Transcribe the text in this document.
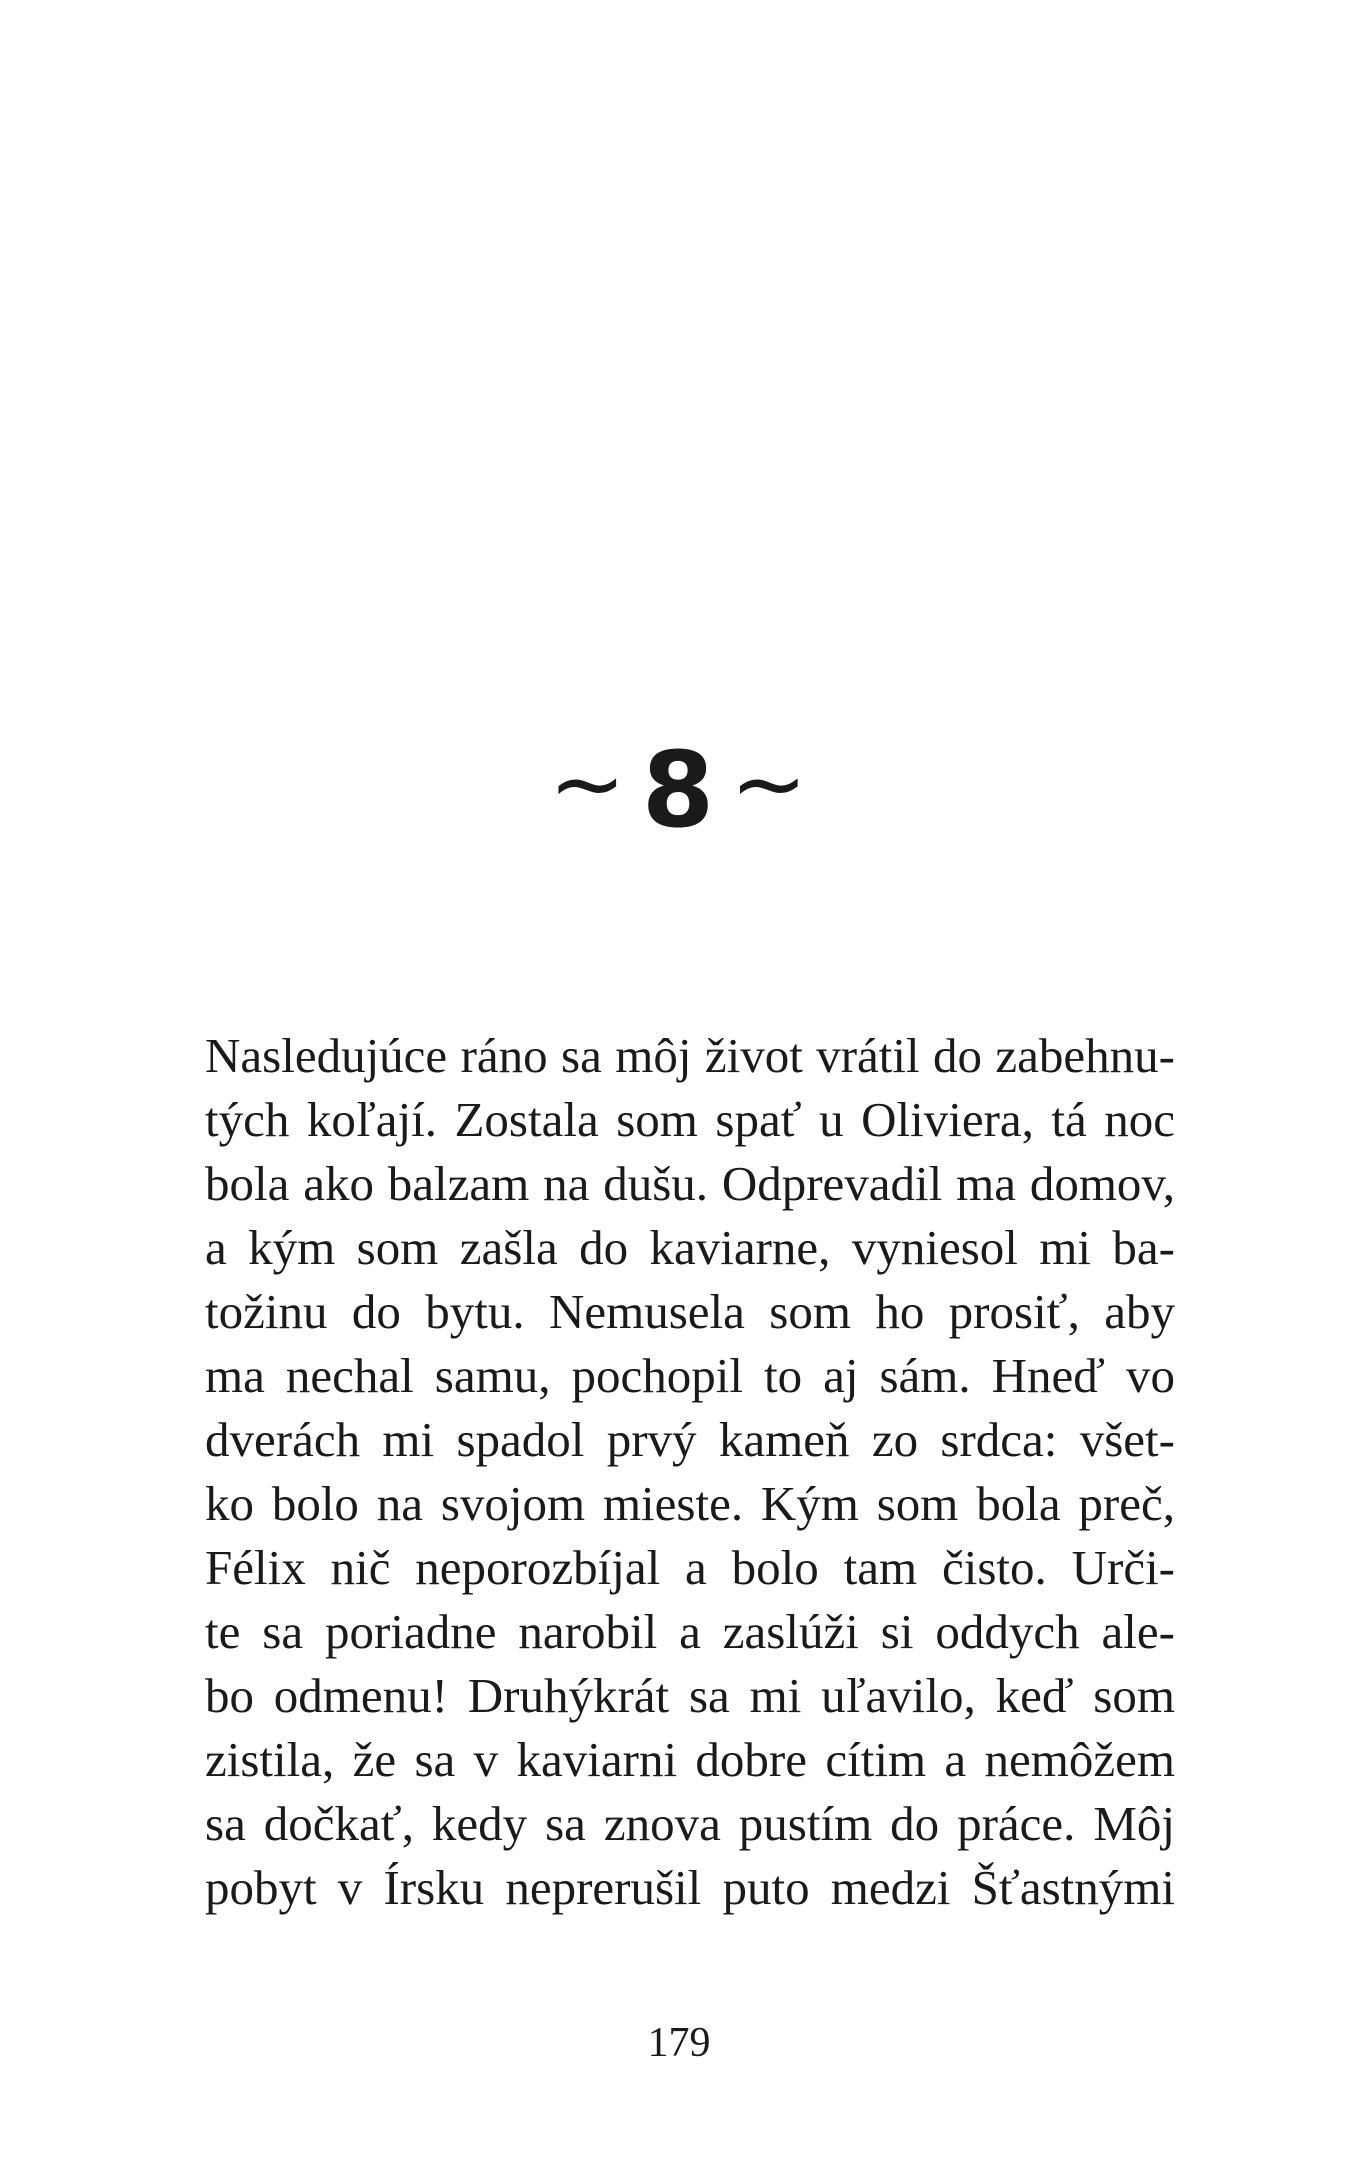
~ 8 ~
Nasledujúce ráno sa môj život vrátil do zabehnu-
tých koľají. Zostala som spať u Oliviera, tá noc
bola ako balzam na dušu. Odprevadil ma domov,
a kým som zašla do kaviarne, vyniesol mi ba-
tožinu do bytu. Nemusela som ho prosiť, aby
ma nechal samu, pochopil to aj sám. Hneď vo
dverách mi spadol prvý kameň zo srdca: všet-
ko bolo na svojom mieste. Kým som bola preč,
Félix nič neporozbíjal a bolo tam čisto. Urči-
te sa poriadne narobil a zaslúži si oddych ale-
bo odmenu! Druhýkrát sa mi uľavilo, keď som
zistila, že sa v kaviarni dobre cítim a nemôžem
sa dočkať, kedy sa znova pustím do práce. Môj
pobyt v Írsku neprerušil puto medzi Šťastnými
179
